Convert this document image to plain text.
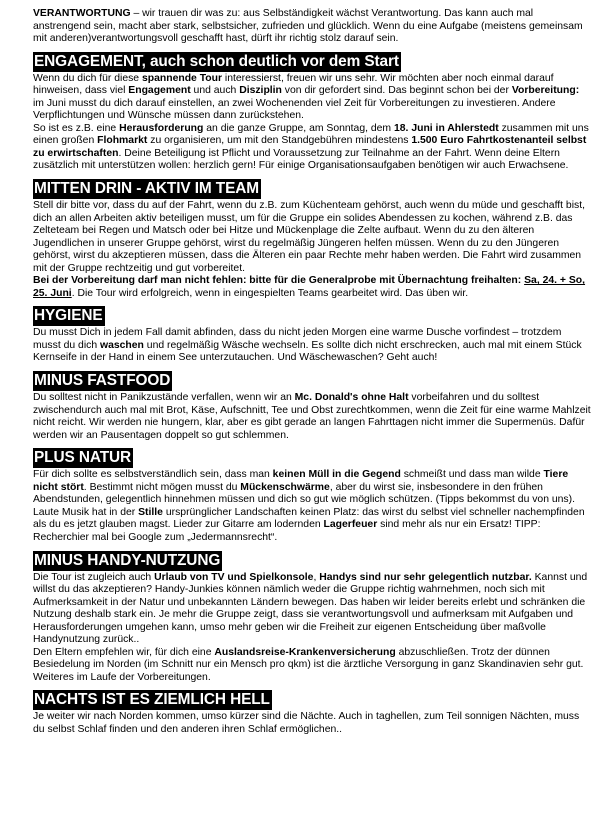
VERANTWORTUNG – wir trauen dir was zu: aus Selbständigkeit wächst Verantwortung. Das kann auch mal anstrengend sein, macht aber stark, selbstsicher, zufrieden und glücklich. Wenn du eine Aufgabe (meistens gemeinsam mit anderen)verantwortungsvoll geschafft hast, dürft ihr richtig stolz darauf sein.

ENGAGEMENT, auch schon deutlich vor dem Start

Wenn du dich für diese spannende Tour interessierst, freuen wir uns sehr. Wir möchten aber noch einmal darauf hinweisen, dass viel Engagement und auch Disziplin von dir gefordert sind. Das beginnt schon bei der Vorbereitung: im Juni musst du dich darauf einstellen, an zwei Wochenenden viel Zeit für Vorbereitungen zu investieren. Andere Verpflichtungen und Wünsche müssen dann zurückstehen.

So ist es z.B. eine Herausforderung an die ganze Gruppe, am Sonntag, dem 18. Juni in Ahlerstedt zusammen mit uns einen großen Flohmarkt zu organisieren, um mit den Standgebühren mindestens 1.500 Euro Fahrtkostenanteil selbst zu erwirtschaften. Deine Beteiligung ist Pflicht und Voraussetzung zur Teilnahme an der Fahrt. Wenn deine Eltern zusätzlich mit unterstützen wollen: herzlich gern! Für einige Organisationsaufgaben benötigen wir auch Erwachsene.

MITTEN DRIN - AKTIV IM TEAM

Stell dir bitte vor, dass du auf der Fahrt, wenn du z.B. zum Küchenteam gehörst, auch wenn du müde und geschafft bist, dich an allen Arbeiten aktiv beteiligen musst, um für die Gruppe ein solides Abendessen zu kochen, während z.B. das Zelteteam bei Regen und Matsch oder bei Hitze und Mückenplage die Zelte aufbaut. Wenn du zu den älteren Jugendlichen in unserer Gruppe gehörst, wirst du regelmäßig Jüngeren helfen müssen. Wenn du zu den Jüngeren gehörst, wirst du akzeptieren müssen, dass die Älteren ein paar Rechte mehr haben werden. Die Fahrt wird zusammen mit der Gruppe rechtzeitig und gut vorbereitet.

Bei der Vorbereitung darf man nicht fehlen: bitte für die Generalprobe mit Übernachtung freihalten: Sa, 24. + So, 25. Juni. Die Tour wird erfolgreich, wenn in eingespielten Teams gearbeitet wird. Das üben wir.

HYGIENE

Du musst Dich in jedem Fall damit abfinden, dass du nicht jeden Morgen eine warme Dusche vorfindest – trotzdem musst du dich waschen und regelmäßig Wäsche wechseln. Es sollte dich nicht erschrecken, auch mal mit einem Stück Kernseife in der Hand in einem See unterzutauchen. Und Wäschewaschen? Geht auch!

MINUS FASTFOOD

Du solltest nicht in Panikzustände verfallen, wenn wir an Mc. Donald's ohne Halt vorbeifahren und du solltest zwischendurch auch mal mit Brot, Käse, Aufschnitt, Tee und Obst zurechtkommen, wenn die Zeit für eine warme Mahlzeit nicht reicht. Wir werden nie hungern, klar, aber es gibt gerade an langen Fahrttagen nicht immer die Supermenüs. Dafür werden wir an Pausentagen doppelt so gut schlemmen.

PLUS NATUR

Für dich sollte es selbstverständlich sein, dass man keinen Müll in die Gegend schmeißt und dass man wilde Tiere nicht stört. Bestimmt nicht mögen musst du Mückenschwärme, aber du wirst sie, insbesondere in den frühen Abendstunden, gelegentlich hinnehmen müssen und dich so gut wie möglich schützen. (Tipps bekommst du von uns). Laute Musik hat in der Stille ursprünglicher Landschaften keinen Platz: das wirst du selbst viel schneller nachempfinden als du es jetzt glauben magst. Lieder zur Gitarre am lodernden Lagerfeuer sind mehr als nur ein Ersatz! TIPP: Recherchier mal bei Google zum „Jedermannsrecht“.

MINUS HANDY-NUTZUNG

Die Tour ist zugleich auch Urlaub von TV und Spielkonsole, Handys sind nur sehr gelegentlich nutzbar. Kannst und willst du das akzeptieren? Handy-Junkies können nämlich weder die Gruppe richtig wahrnehmen, noch sich mit Aufmerksamkeit in der Natur und unbekannten Ländern bewegen. Das haben wir leider bereits erlebt und schränken die Nutzung deshalb stark ein. Je mehr die Gruppe zeigt, dass sie verantwortungsvoll und aufmerksam mit Aufgaben und Herausforderungen umgehen kann, umso mehr geben wir die Freiheit zur eigenen Entscheidung über maßvolle Handynutzung zurück..

Den Eltern empfehlen wir, für dich eine Auslandsreise-Krankenversicherung abzuschließen. Trotz der dünnen Besiedelung im Norden (im Schnitt nur ein Mensch pro qkm) ist die ärztliche Versorgung in ganz Skandinavien sehr gut. Weiteres im Laufe der Vorbereitungen.

NACHTS IST ES ZIEMLICH HELL

Je weiter wir nach Norden kommen, umso kürzer sind die Nächte. Auch in taghellen, zum Teil sonnigen Nächten, muss du selbst Schlaf finden und den anderen ihren Schlaf ermöglichen..
